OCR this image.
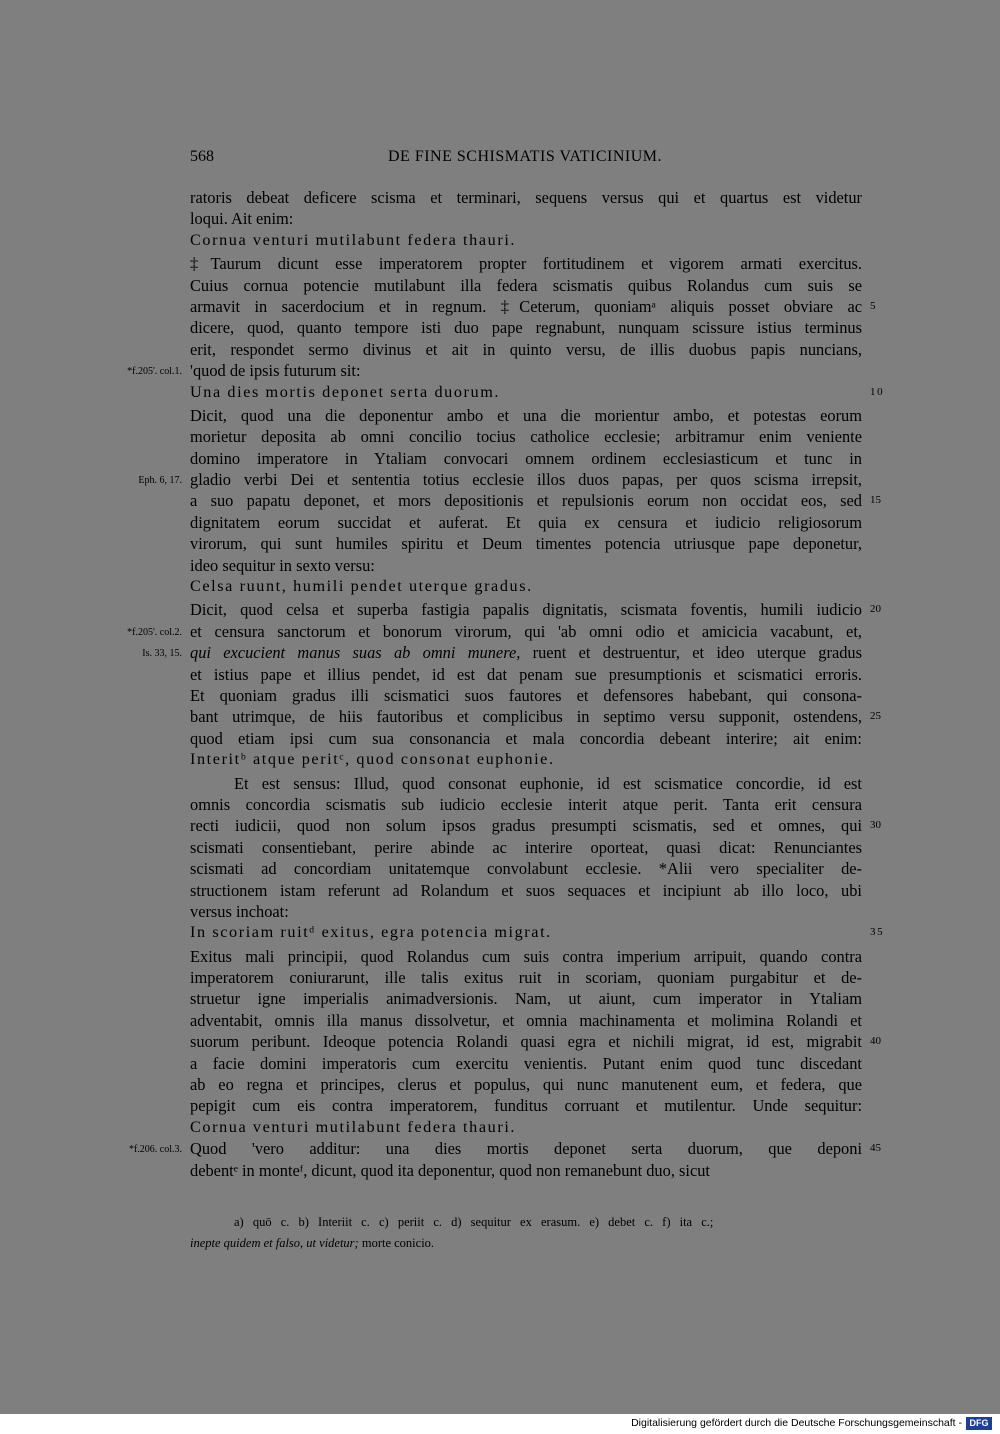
568	DE FINE SCHISMATIS VATICINIUM.
ratoris debeat deficere scisma et terminari, sequens versus qui et quartus est videtur
loqui. Ait enim:
Cornua venturi mutilabunt federa thauri.
‡Taurum dicunt esse imperatorem propter fortitudinem et vigorem armati exercitus.
Cuius cornua potencie mutilabunt illa federa scismatis quibus Rolandus cum suis se
armavit in sacerdocium et in regnum. ‡Ceterum, quoniamᵃ aliquis posset obviare ac 5
dicere, quod, quanto tempore isti duo pape regnabunt, nunquam scissure istius terminus
erit, respondet sermo divinus et ait in quinto versu, de illis duobus papis nuncians,
'quod de ipsis futurum sit:
*f.205'. col.1.
Una dies mortis deponet serta duorum.	10
Dicit, quod una die deponentur ambo et una die morientur ambo, et potestas eorum
morietur deposita ab omni concilio tocius catholice ecclesie; arbitramur enim veniente
domino imperatore in Ytaliam convocari omnem ordinem ecclesiasticum et tunc in
gladio verbi Dei et sententia totius ecclesie illos duos papas, per quos scisma irrepsit,
Eph. 6, 17.
a suo papatu deponet, et mors depositionis et repulsionis eorum non occidat eos, sed 15
dignitatem eorum succidat et auferat. Et quia ex censura et iudicio religiosorum
virorum, qui sunt humiles spiritu et Deum timentes potencia utriusque pape deponetur,
ideo sequitur in sexto versu:
Celsa ruunt, humili pendet uterque gradus.
Dicit, quod celsa et superba fastigia papalis dignitatis, scismata foventis, humili iudicio 20
et censura sanctorum et bonorum virorum, qui 'ab omni odio et amicicia vacabunt, et,
*f.205'. col.2.
qui excucient manus suas ab omni munere, ruent et destruentur, et ideo uterque gradus
Is. 33, 15.
et istius pape et illius pendet, id est dat penam sue presumptionis et scismatici erroris.
Et quoniam gradus illi scismatici suos fautores et defensores habebant, qui consona-
bant utrimque, de hiis fautoribus et complicibus in septimo versu supponit, ostendens, 25
quod etiam ipsi cum sua consonancia et mala concordia debeant interire; ait enim:
Interitᵇ atque peritᶜ, quod consonat euphonie.
Et est sensus: Illud, quod consonat euphonie, id est scismatice concordie, id est
omnis concordia scismatis sub iudicio ecclesie interit atque perit. Tanta erit censura
recti iudicii, quod non solum ipsos gradus presumpti scismatis, sed et omnes, qui 30
scismati consentiebant, perire abinde ac interire oporteat, quasi dicat: Renunciantes
scismati ad concordiam unitatemque convolabunt ecclesie. *Alii vero specialiter de-
structionem istam referunt ad Rolandum et suos sequaces et incipiunt ab illo loco, ubi
versus inchoat:
In scoriam ruitᵈ exitus, egra potencia migrat.	35
Exitus mali principii, quod Rolandus cum suis contra imperium arripuit, quando contra
imperatorem coniurarunt, ille talis exitus ruit in scoriam, quoniam purgabitur et de-
struetur igne imperialis animadversionis. Nam, ut aiunt, cum imperator in Ytaliam
adventabit, omnis illa manus dissolvetur, et omnia machinamenta et molimina Rolandi et
suorum peribunt. Ideoque potencia Rolandi quasi egra et nichili migrat, id est, migrabit 40
a facie domini imperatoris cum exercitu venientis. Putant enim quod tunc discedant
ab eo regna et principes, clerus et populus, qui nunc manutenent eum, et federa, que
pepigit cum eis contra imperatorem, funditus corruant et mutilentur. Unde sequitur:
Cornua venturi mutilabunt federa thauri.
Quod 'vero additur: una dies mortis deponet serta duorum, que deponi 45
*f.206. col.3.
debentᵉ in monteᶠ, dicunt, quod ita deponentur, quod non remanebunt duo, sicut
a) quō c. b) Interiit c. c) periit c. d) sequitur ex erasum. e) debet c. f) ita c.;
inepte quidem et falso, ut videtur; morte conicio.
Digitalisierung gefördert durch die Deutsche Forschungsgemeinschaft - DFG
